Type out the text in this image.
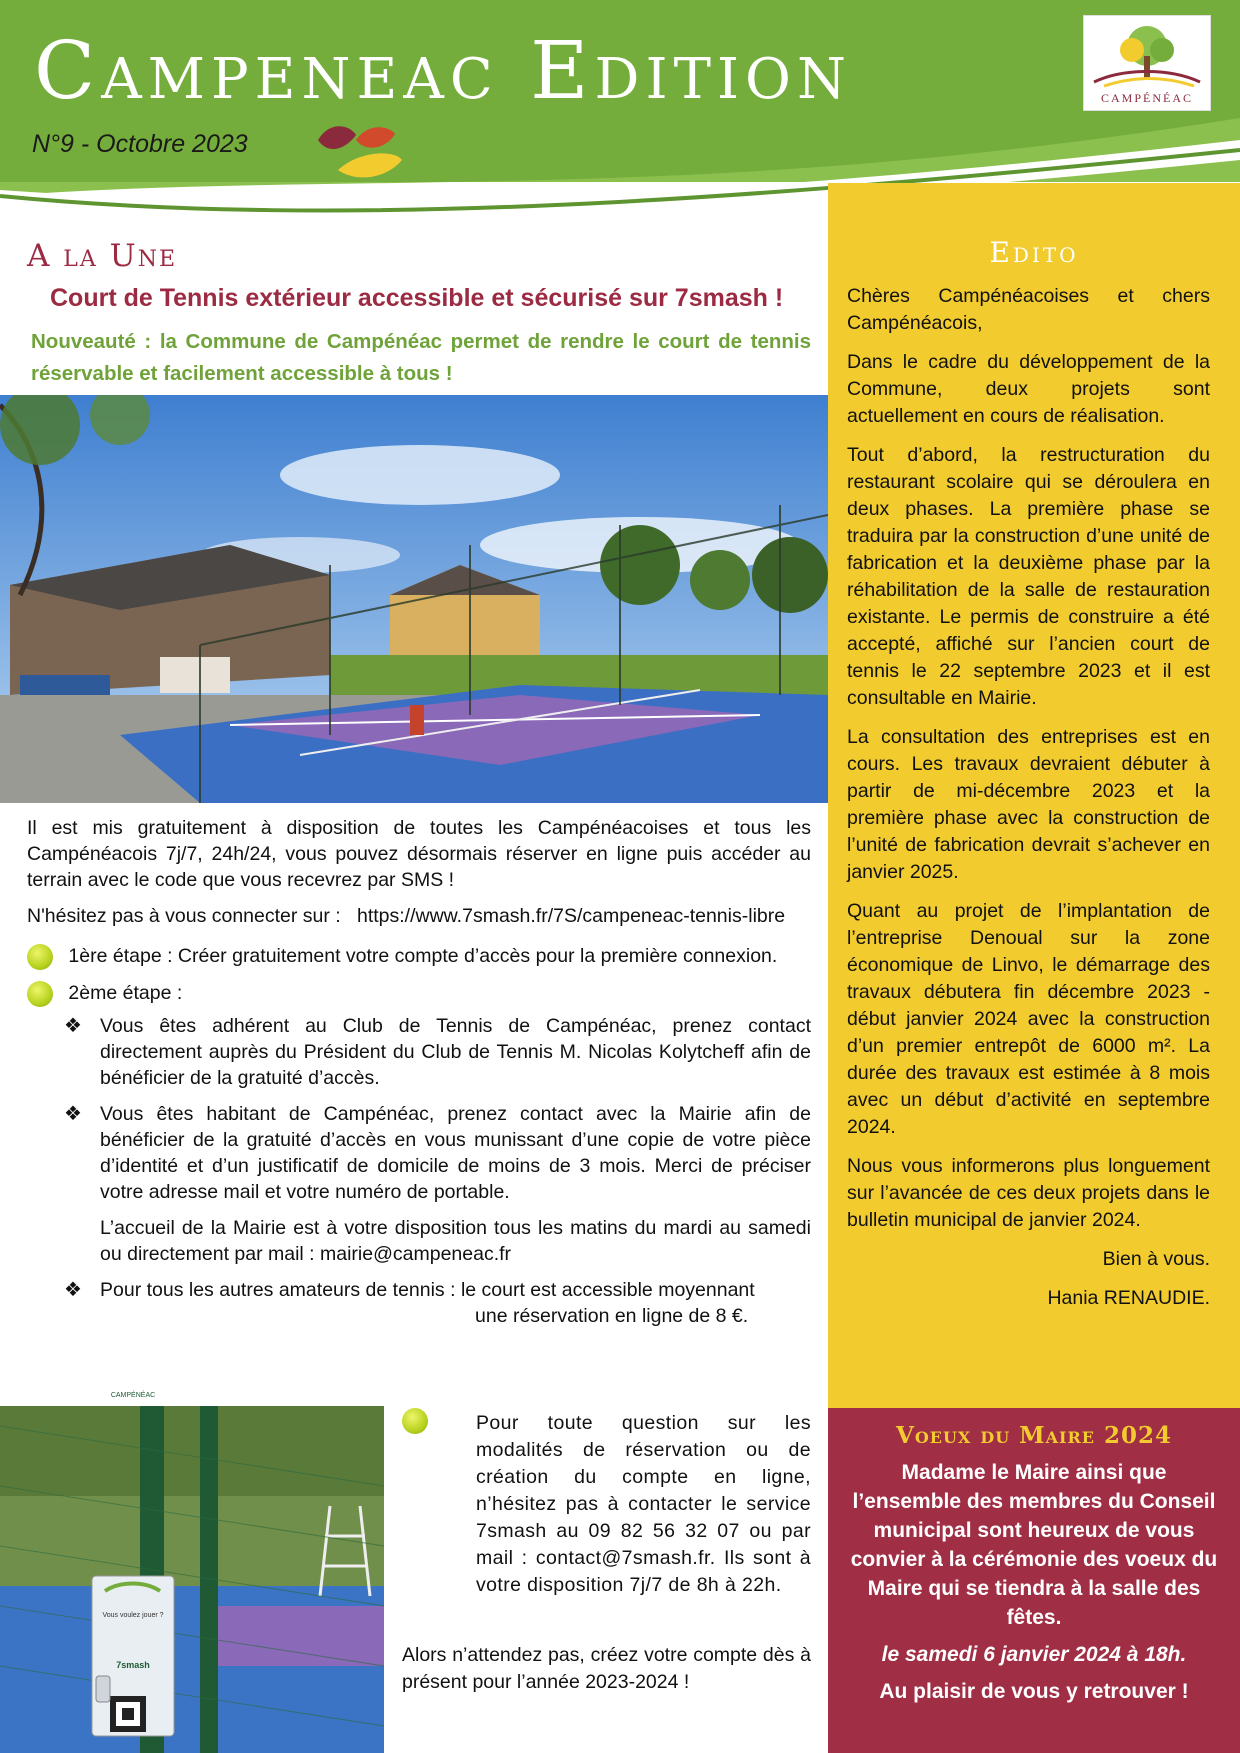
Campeneac Edition
N°9 - Octobre 2023
CAMPÉNÉAC
Edito

Chères Campénéacoises et chers Campénéacois,

Dans le cadre du développement de la Commune, deux projets sont actuellement en cours de réalisation.

Tout d’abord, la restructuration du restaurant scolaire qui se déroulera en deux phases. La première phase se traduira par la construction d’une unité de fabrication et la deuxième phase par la réhabilitation de la salle de restauration existante. Le permis de construire a été accepté, affiché sur l’ancien court de tennis le 22 septembre 2023 et il est consultable en Mairie.

La consultation des entreprises est en cours. Les travaux devraient débuter à partir de mi-décembre 2023 et la première phase avec la construction de l’unité de fabrication devrait s’achever en janvier 2025.

Quant au projet de l’implantation de l’entreprise Denoual sur la zone économique de Linvo, le démarrage des travaux débutera fin décembre 2023 - début janvier 2024 avec la construction d’un premier entrepôt de 6000 m². La durée des travaux est estimée à 8 mois avec un début d’activité en septembre 2024.

Nous vous informerons plus longuement sur l’avancée de ces deux projets dans le bulletin municipal de janvier 2024.

Bien à vous.

Hania RENAUDIE.

Voeux du Maire 2024

Madame le Maire ainsi que l’ensemble des membres du Conseil municipal sont heureux de vous convier à la cérémonie des voeux du Maire qui se tiendra à la salle des fêtes.

le samedi 6 janvier 2024 à 18h.

Au plaisir de vous y retrouver !

A la Une
Court de Tennis extérieur accessible et sécurisé sur 7smash !
Nouveauté : la Commune de Campénéac permet de rendre le court de tennis réservable et facilement accessible à tous !

Il est mis gratuitement à disposition de toutes les Campénéacoises et tous les Campénéacois 7j/7, 24h/24, vous pouvez désormais réserver en ligne puis accéder au terrain avec le code que vous recevrez par SMS !

N'hésitez pas à vous connecter sur : https://www.7smash.fr/7S/campeneac-tennis-libre

1ère étape : Créer gratuitement votre compte d’accès pour la première connexion.

2ème étape :

❖ Vous êtes adhérent au Club de Tennis de Campénéac, prenez contact directement auprès du Président du Club de Tennis M. Nicolas Kolytcheff afin de bénéficier de la gratuité d’accès.
❖ Vous êtes habitant de Campénéac, prenez contact avec la Mairie afin de bénéficier de la gratuité d’accès en vous munissant d’une copie de votre pièce d’identité et d’un justificatif de domicile de moins de 3 mois. Merci de préciser votre adresse mail et votre numéro de portable.

L’accueil de la Mairie est à votre disposition tous les matins du mardi au samedi ou directement par mail : mairie@campeneac.fr

❖ Pour tous les autres amateurs de tennis : le court est accessible moyennant
une réservation en ligne de 8 €.
CAMPÉNÉAC
Vous voulez jouer ?
7smash
Pour toute question sur les modalités de réservation ou de création du compte en ligne, n’hésitez pas à contacter le service 7smash au 09 82 56 32 07 ou par mail : contact@7smash.fr. Ils sont à votre disposition 7j/7 de 8h à 22h.
Alors n’attendez pas, créez votre compte dès à présent pour l’année 2023-2024 !
